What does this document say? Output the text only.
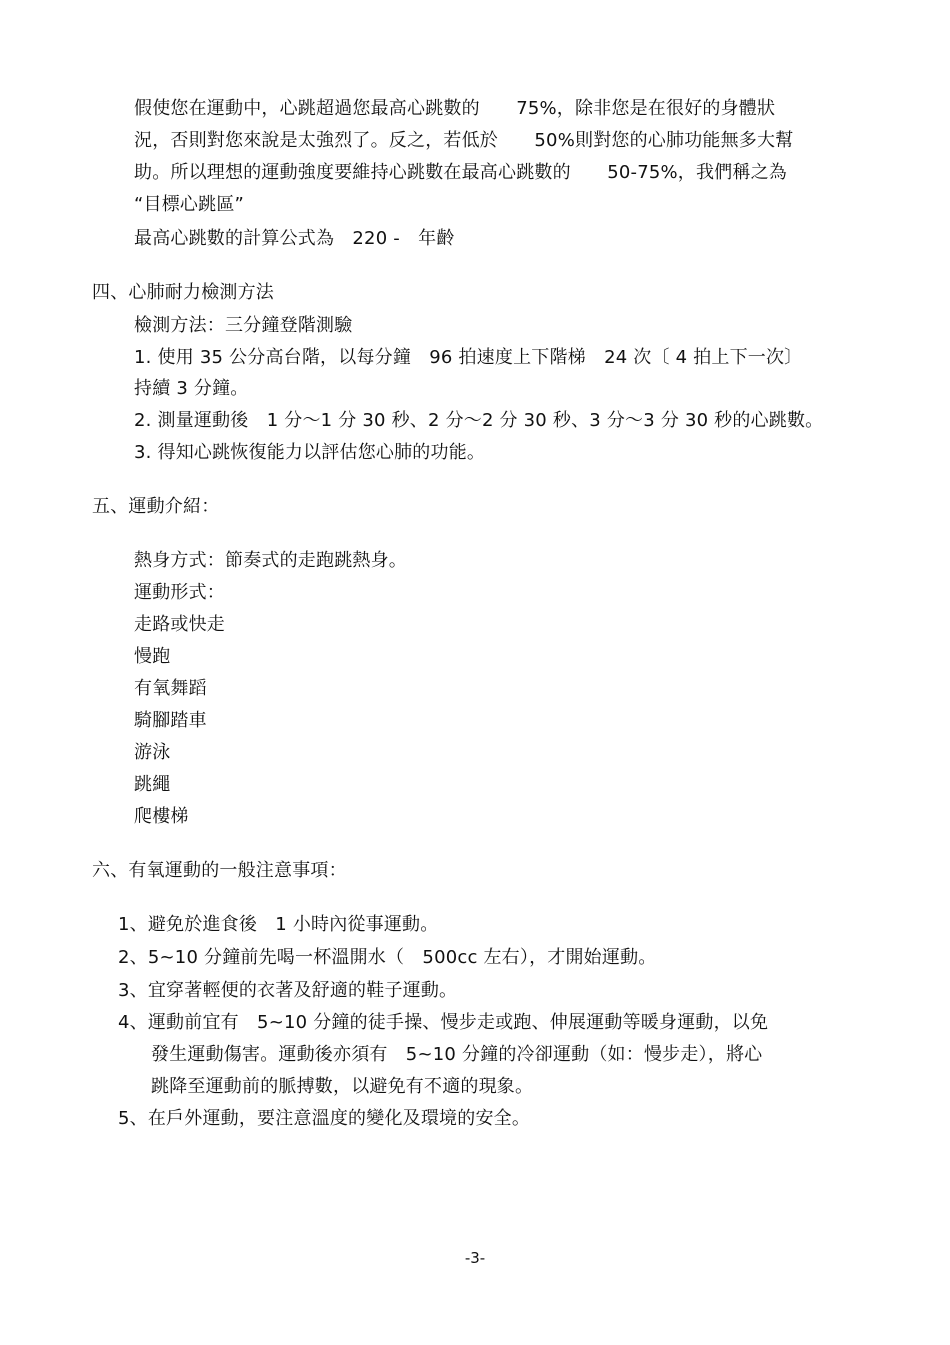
假使您在運動中，心跳超過您最高心跳數的　　75%，除非您是在很好的身體狀
況，否則對您來說是太強烈了。反之，若低於　　50%則對您的心肺功能無多大幫
助。所以理想的運動強度要維持心跳數在最高心跳數的　　50-75%，我們稱之為
“目標心跳區”
最高心跳數的計算公式為　220 -　年齡
四、心肺耐力檢測方法
檢測方法：三分鐘登階測驗
1. 使用 35 公分高台階，以每分鐘　96 拍速度上下階梯　24 次〔 4 拍上下一次〕
持續 3 分鐘。
2. 測量運動後　1 分～1 分 30 秒、2 分～2 分 30 秒、3 分～3 分 30 秒的心跳數。
3. 得知心跳恢復能力以評估您心肺的功能。
五、運動介紹：
熱身方式：節奏式的走跑跳熱身。
運動形式：
走路或快走
慢跑
有氧舞蹈
騎腳踏車
游泳
跳繩
爬樓梯
六、有氧運動的一般注意事項：
1、避免於進食後　1 小時內從事運動。
2、5~10 分鐘前先喝一杯溫開水（　500cc 左右），才開始運動。
3、宜穿著輕便的衣著及舒適的鞋子運動。
4、運動前宜有　5~10 分鐘的徒手操、慢步走或跑、伸展運動等暖身運動，以免
發生運動傷害。運動後亦須有　5~10 分鐘的冷卻運動（如：慢步走），將心
跳降至運動前的脈搏數，以避免有不適的現象。
5、在戶外運動，要注意溫度的變化及環境的安全。
-3-
